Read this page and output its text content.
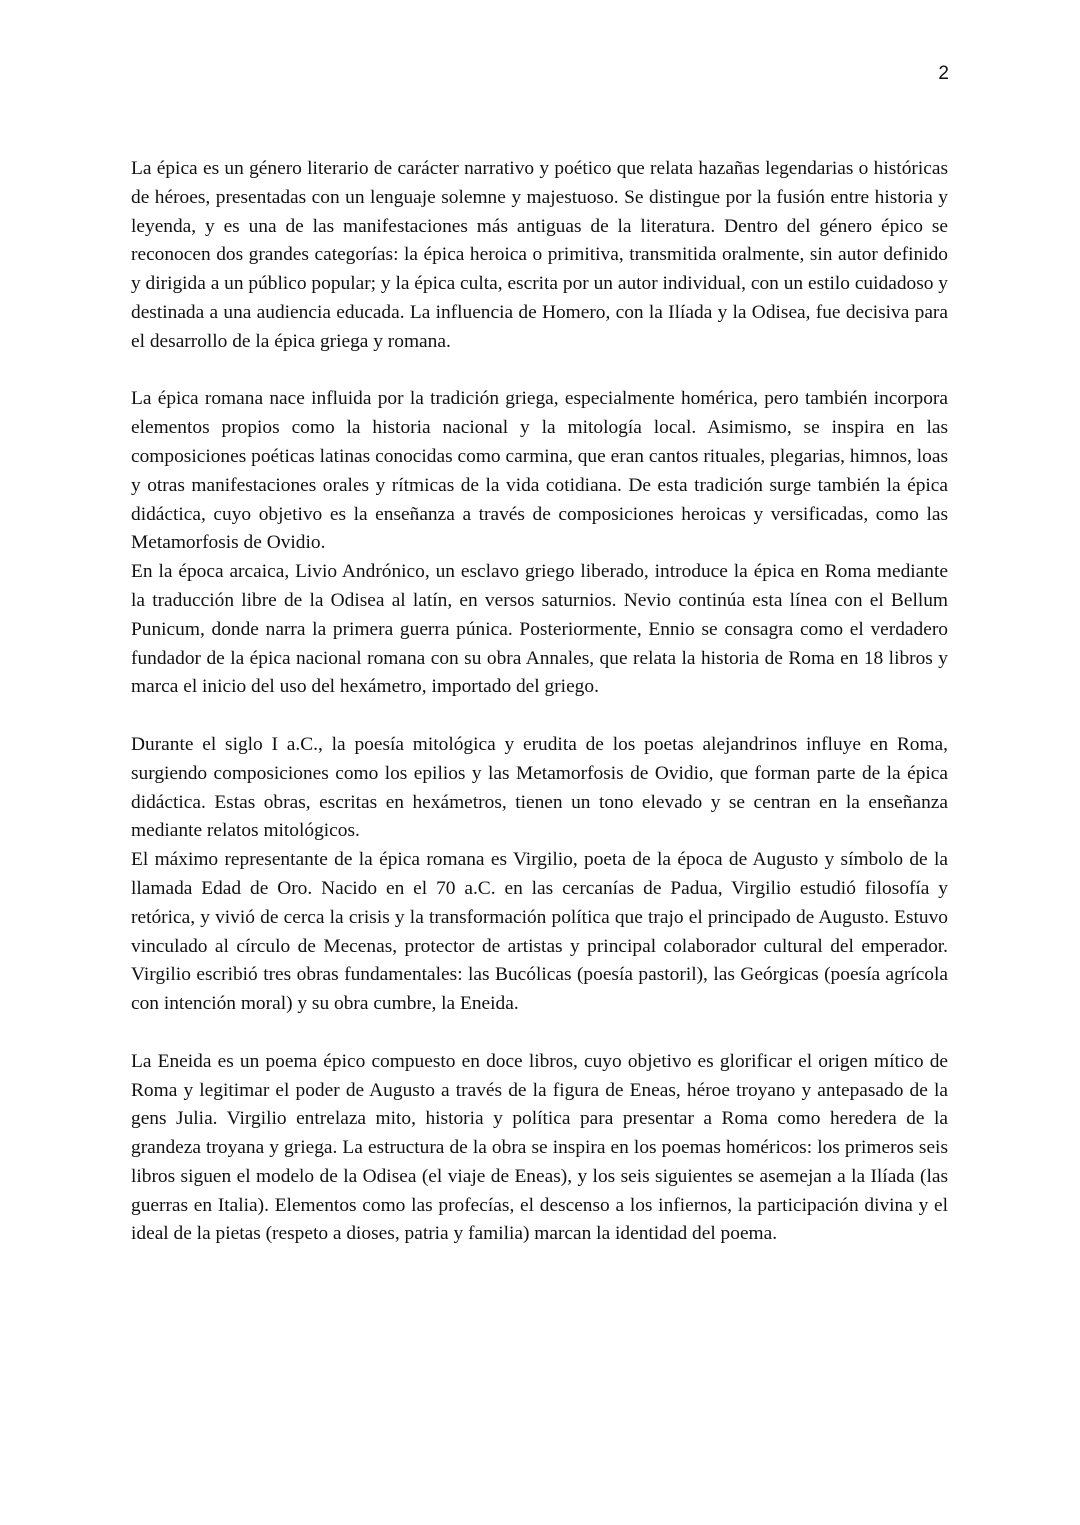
2

La épica es un género literario de carácter narrativo y poético que relata hazañas legendarias o históricas de héroes, presentadas con un lenguaje solemne y majestuoso. Se distingue por la fusión entre historia y leyenda, y es una de las manifestaciones más antiguas de la literatura. Dentro del género épico se reconocen dos grandes categorías: la épica heroica o primitiva, transmitida oralmente, sin autor definido y dirigida a un público popular; y la épica culta, escrita por un autor individual, con un estilo cuidadoso y destinada a una audiencia educada. La influencia de Homero, con la Ilíada y la Odisea, fue decisiva para el desarrollo de la épica griega y romana.

La épica romana nace influida por la tradición griega, especialmente homérica, pero también incorpora elementos propios como la historia nacional y la mitología local. Asimismo, se inspira en las composiciones poéticas latinas conocidas como carmina, que eran cantos rituales, plegarias, himnos, loas y otras manifestaciones orales y rítmicas de la vida cotidiana. De esta tradición surge también la épica didáctica, cuyo objetivo es la enseñanza a través de composiciones heroicas y versificadas, como las Metamorfosis de Ovidio.

En la época arcaica, Livio Andrónico, un esclavo griego liberado, introduce la épica en Roma mediante la traducción libre de la Odisea al latín, en versos saturnios. Nevio continúa esta línea con el Bellum Punicum, donde narra la primera guerra púnica. Posteriormente, Ennio se consagra como el verdadero fundador de la épica nacional romana con su obra Annales, que relata la historia de Roma en 18 libros y marca el inicio del uso del hexámetro, importado del griego.

Durante el siglo I a.C., la poesía mitológica y erudita de los poetas alejandrinos influye en Roma, surgiendo composiciones como los epilios y las Metamorfosis de Ovidio, que forman parte de la épica didáctica. Estas obras, escritas en hexámetros, tienen un tono elevado y se centran en la enseñanza mediante relatos mitológicos.

El máximo representante de la épica romana es Virgilio, poeta de la época de Augusto y símbolo de la llamada Edad de Oro. Nacido en el 70 a.C. en las cercanías de Padua, Virgilio estudió filosofía y retórica, y vivió de cerca la crisis y la transformación política que trajo el principado de Augusto. Estuvo vinculado al círculo de Mecenas, protector de artistas y principal colaborador cultural del emperador. Virgilio escribió tres obras fundamentales: las Bucólicas (poesía pastoril), las Geórgicas (poesía agrícola con intención moral) y su obra cumbre, la Eneida.

La Eneida es un poema épico compuesto en doce libros, cuyo objetivo es glorificar el origen mítico de Roma y legitimar el poder de Augusto a través de la figura de Eneas, héroe troyano y antepasado de la gens Julia. Virgilio entrelaza mito, historia y política para presentar a Roma como heredera de la grandeza troyana y griega. La estructura de la obra se inspira en los poemas homéricos: los primeros seis libros siguen el modelo de la Odisea (el viaje de Eneas), y los seis siguientes se asemejan a la Ilíada (las guerras en Italia). Elementos como las profecías, el descenso a los infiernos, la participación divina y el ideal de la pietas (respeto a dioses, patria y familia) marcan la identidad del poema.
